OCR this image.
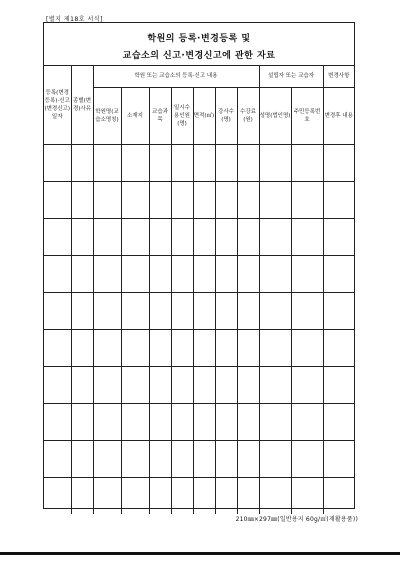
[별지 제18호 서식]
학원의 등록·변경등록 및
교습소의 신고·변경신고에 관한 자료
등록(변경등록)·신고(변경신고)일자	종별(변경)사유	학원 또는 교습소의 등록·신고 내용							설립자 또는 교습자		변경사항
		학원명(교습소명칭)	소재지	교습과목	일시수용인원(명)	면적(㎡)	강사수(명)	수강료(원)	성명(법인명)	주민등록번호	변경후 내용

210㎜×297㎜(일반용지 60g/㎡(재활용품))
